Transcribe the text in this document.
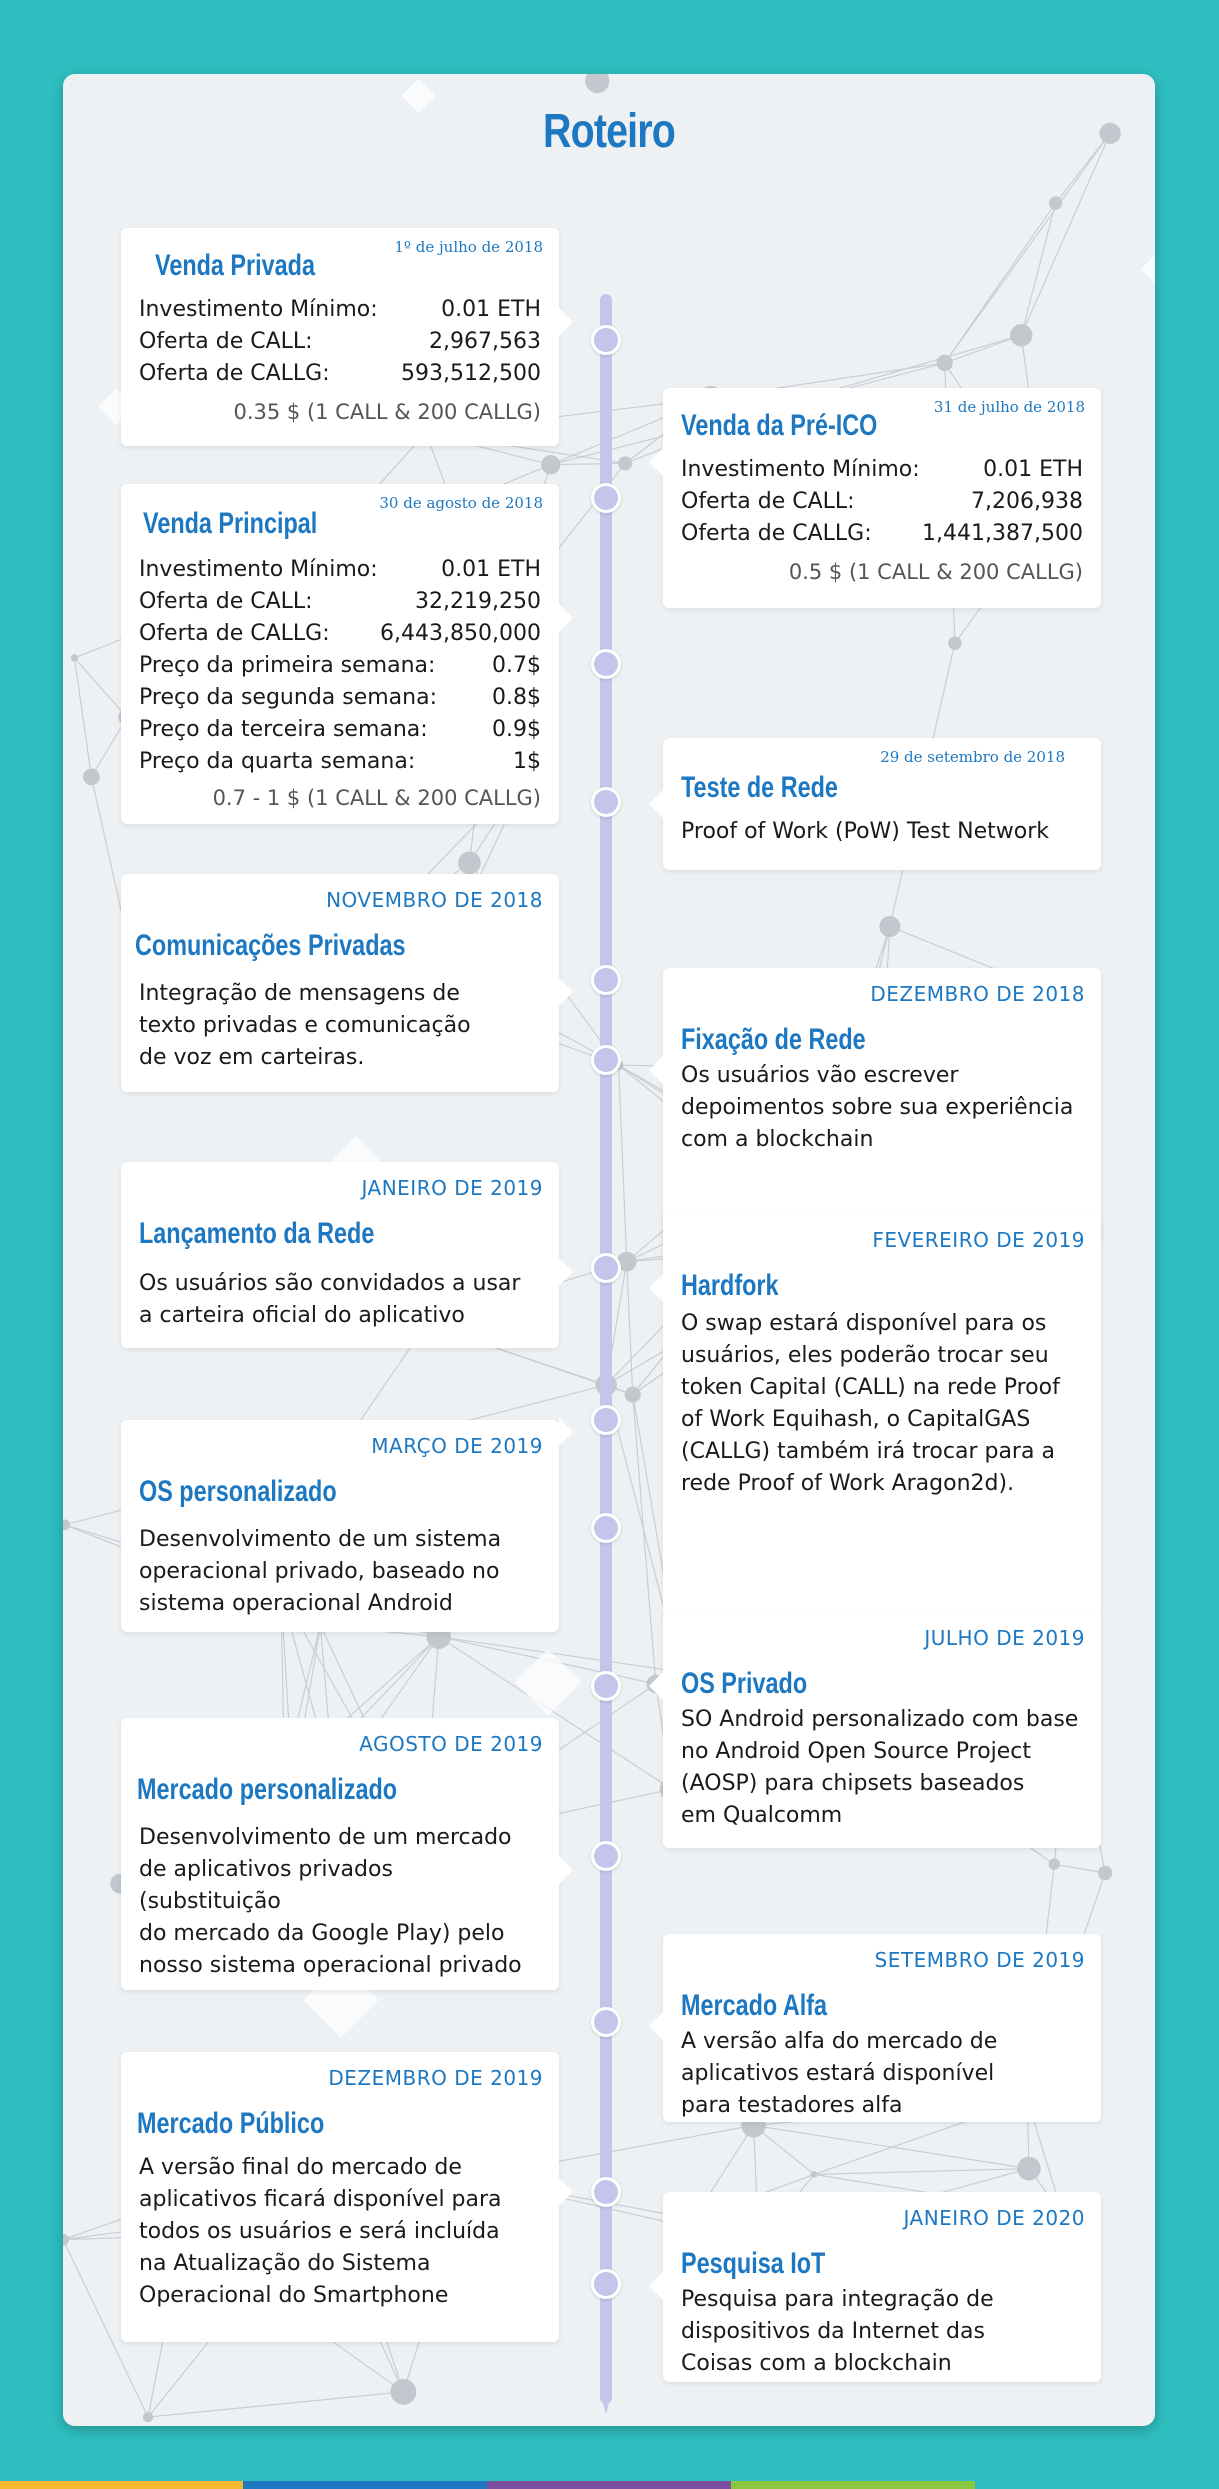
Roteiro
1º de julho de 2018
Venda Privada
Investimento Mínimo:	0.01 ETH
Oferta de CALL:	2,967,563
Oferta de CALLG:	593,512,500
0.35 $ (1 CALL & 200 CALLG)	31 de julho de 2018
Venda da Pré-ICO
Investimento Mínimo:	0.01 ETH
Oferta de CALL:	7,206,938
Oferta de CALLG: 1,441,387,500
0.5 $ (1 CALL & 200 CALLG)
30 de agosto de 2018
Venda Principal
Investimento Mínimo:	0.01 ETH
Oferta de CALL:	32,219,250
Oferta de CALLG: 6,443,850,000
Preço da primeira semana:	0.7$
Preço da segunda semana:	0.8$
Preço da terceira semana:	0.9$
Preço da quarta semana:	1$
0.7 - 1 $ (1 CALL & 200 CALLG)
29 de setembro de 2018
Teste de Rede
Proof of Work (PoW) Test Network
NOVEMBRO DE 2018
Comunicações Privadas
Integração de mensagens de
texto privadas e comunicação
de voz em carteiras.
DEZEMBRO DE 2018
Fixação de Rede
Os usuários vão escrever
depoimentos sobre sua experiência
com a blockchain
JANEIRO DE 2019
Lançamento da Rede
Os usuários são convidados a usar
a carteira oficial do aplicativo
FEVEREIRO DE 2019
Hardfork
O swap estará disponível para os
usuários, eles poderão trocar seu
token Capital (CALL) na rede Proof
of Work Equihash, o CapitalGAS
(CALLG) também irá trocar para a
rede Proof of Work Aragon2d).
MARÇO DE 2019
OS personalizado
Desenvolvimento de um sistema
operacional privado, baseado no
sistema operacional Android
JULHO DE 2019
OS Privado
SO Android personalizado com base
no Android Open Source Project
(AOSP) para chipsets baseados
em Qualcomm
AGOSTO DE 2019
Mercado personalizado
Desenvolvimento de um mercado
de aplicativos privados (substituição
do mercado da Google Play) pelo
nosso sistema operacional privado	SETEMBRO DE 2019
Mercado Alfa
A versão alfa do mercado de
aplicativos estará disponível
para testadores alfa
DEZEMBRO DE 2019
Mercado Público
A versão final do mercado de
aplicativos ficará disponível para
todos os usuários e será incluída
na Atualização do Sistema
Operacional do Smartphone
JANEIRO DE 2020
Pesquisa IoT
Pesquisa para integração de
dispositivos da Internet das
Coisas com a blockchain
